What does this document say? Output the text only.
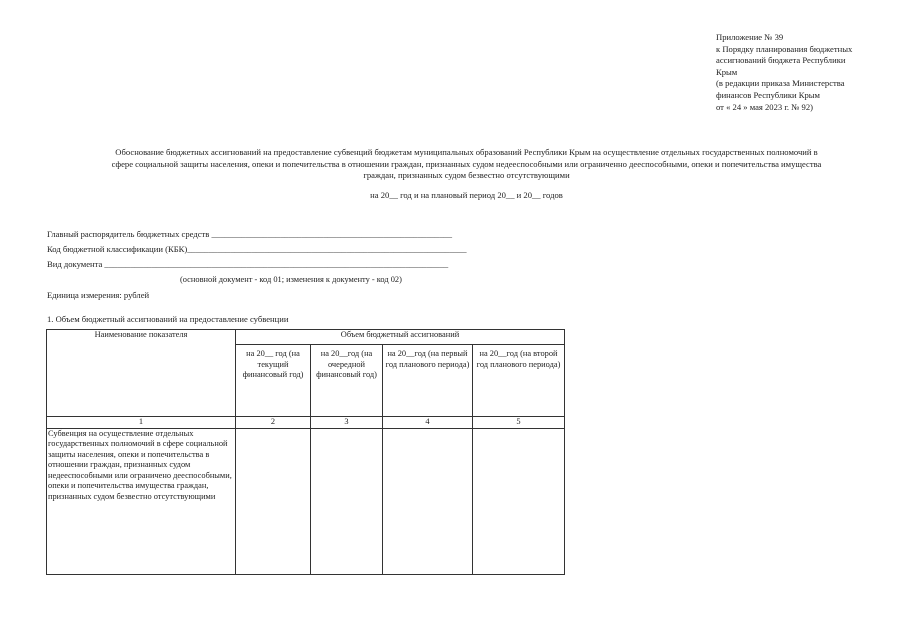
Приложение № 39
к Порядку планирования бюджетных
ассигнований бюджета Республики
Крым
(в редакции приказа Министерства
финансов Республики Крым
от « 24 » мая 2023 г. № 92)
Обоснование бюджетных ассигнований на предоставление субвенций бюджетам муниципальных образований Республики Крым на осуществление отдельных государственных полномочий в
сфере социальной защиты населения, опеки и попечительства в отношении граждан, признанных судом недееспособными или ограниченно дееспособными, опеки и попечительства имущества
граждан, признанных судом безвестно отсутствующими
на 20__ год и на плановый период 20__ и 20__ годов
Главный распорядитель бюджетных средств ________________________________________________________
Код бюджетной классификации (КБК)_________________________________________________________________
Вид документа ________________________________________________________________________________
(основной документ - код 01; изменения к документу - код 02)
Единица измерения: рублей
1. Объем бюджетный ассигнований на предоставление субвенции
Наименование показателя	Объем бюджетный ассигнований			
	на 20__ год (на текущий финансовый год)	на 20__год (на очередной финансовый год)	на 20__год (на первый год планового периода)	на 20__год (на второй год планового периода)
1	2	3	4	5
Субвенция на осуществление отдельных государственных полномочий в сфере социальной защиты населения, опеки и попечительства в отношении граждан, признанных судом недееспособными или ограничено дееспособными, опеки и попечительства имущества граждан, признанных судом безвестно отсутствующими				
